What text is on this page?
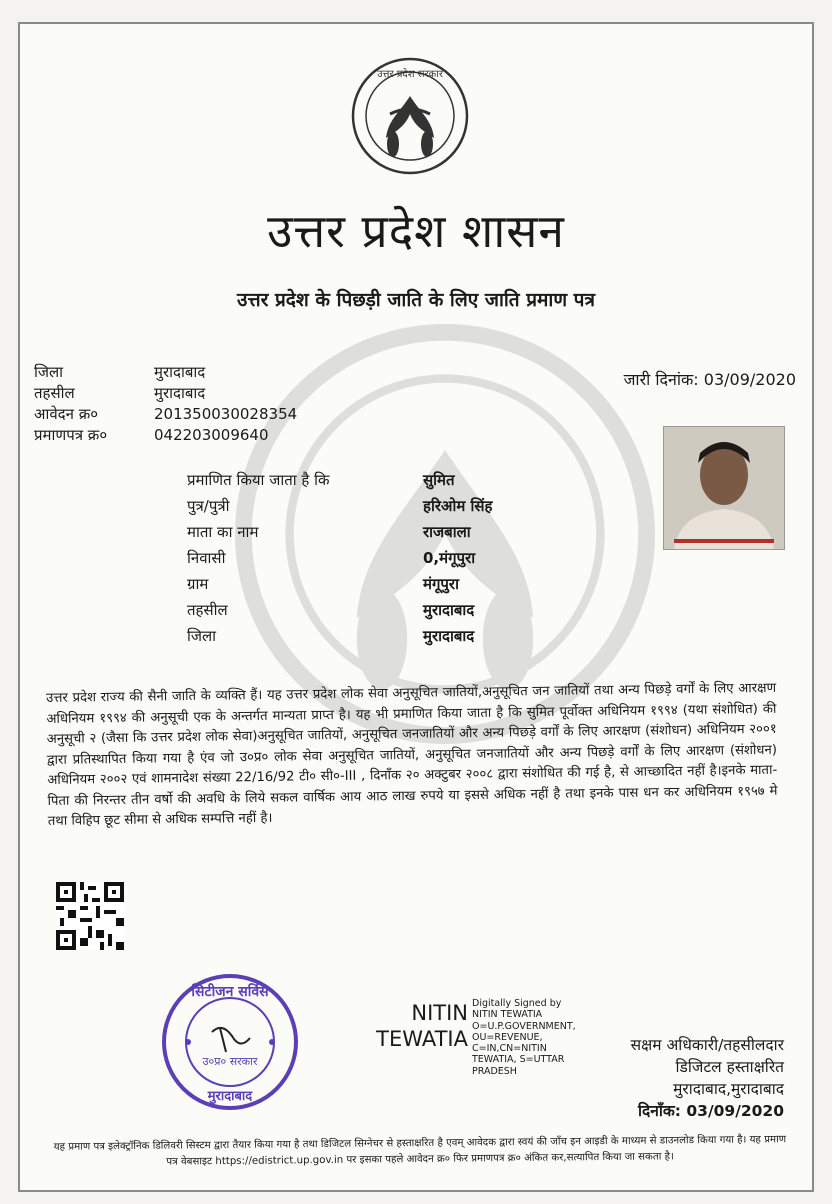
उत्तर प्रदेश सरकार
उत्तर प्रदेश शासन
उत्तर प्रदेश के पिछड़ी जाति के लिए जाति प्रमाण पत्र
जिला	मुरादाबाद
तहसील	मुरादाबाद
आवेदन क्र०	201350030028354
प्रमाणपत्र क्र०	042203009640
जारी दिनांक: 03/09/2020
प्रमाणित किया जाता है कि	सुमित
पुत्र/पुत्री	हरिओम सिंह
माता का नाम	राजबाला
निवासी	0,मंगूपुरा
ग्राम	मंगूपुरा
तहसील	मुरादाबाद
जिला	मुरादाबाद
उत्तर प्रदेश राज्य की सैनी जाति के व्यक्ति हैं। यह उत्तर प्रदेश लोक सेवा अनुसूचित जातियों,अनुसूचित जन जातियों तथा अन्य पिछड़े वर्गों के लिए आरक्षण अधिनियम १९९४ की अनुसूची एक के अन्तर्गत मान्यता प्राप्त है। यह भी प्रमाणित किया जाता है कि सुमित पूर्वोक्त अधिनियम १९९४ (यथा संशोधित) की अनुसूची २ (जैसा कि उत्तर प्रदेश लोक सेवा)अनुसूचित जातियों, अनुसूचित जनजातियों और अन्य पिछड़े वर्गों के लिए आरक्षण (संशोधन) अधिनियम २००१ द्वारा प्रतिस्थापित किया गया है एंव जो उ०प्र० लोक सेवा अनुसूचित जातियों, अनुसूचित जनजातियों और अन्य पिछड़े वर्गों के लिए आरक्षण (संशोधन) अधिनियम २००२ एवं शामनादेश संख्या 22/16/92 टी० सी०-III , दिनाँक २० अक्टुबर २००८ द्वारा संशोधित की गई है, से आच्छादित नहीं है।इनके माता-पिता की निरन्तर तीन वर्षो की अवधि के लिये सकल वार्षिक आय आठ लाख रुपये या इससे अधिक नहीं है तथा इनके पास धन कर अधिनियम १९५७ मे तथा विहिप छूट सीमा से अधिक सम्पत्ति नहीं है।
सिटीजन सर्विस
उ०प्र० सरकार
मुरादाबाद
NITIN
TEWATIA
Digitally Signed by
NITIN TEWATIA
O=U.P.GOVERNMENT,
OU=REVENUE,
C=IN,CN=NITIN
TEWATIA, S=UTTAR
PRADESH
सक्षम अधिकारी/तहसीलदार
डिजिटल हस्ताक्षरित
मुरादाबाद,मुरादाबाद
दिनाँक: 03/09/2020
यह प्रमाण पत्र इलेक्ट्रॉनिक डिलिवरी सिस्टम द्वारा तैयार किया गया है तथा डिजिटल सिग्नेचर से हस्ताक्षरित है एवम् आवेदक द्वारा स्वयं की जाँच इन आइडी के माध्यम से डाउनलोड किया गया है। यह प्रमाण पत्र वेबसाइट https://edistrict.up.gov.in पर इसका पहले आवेदन क्र० फिर प्रमाणपत्र क्र० अंकित कर,सत्यापित किया जा सकता है।
